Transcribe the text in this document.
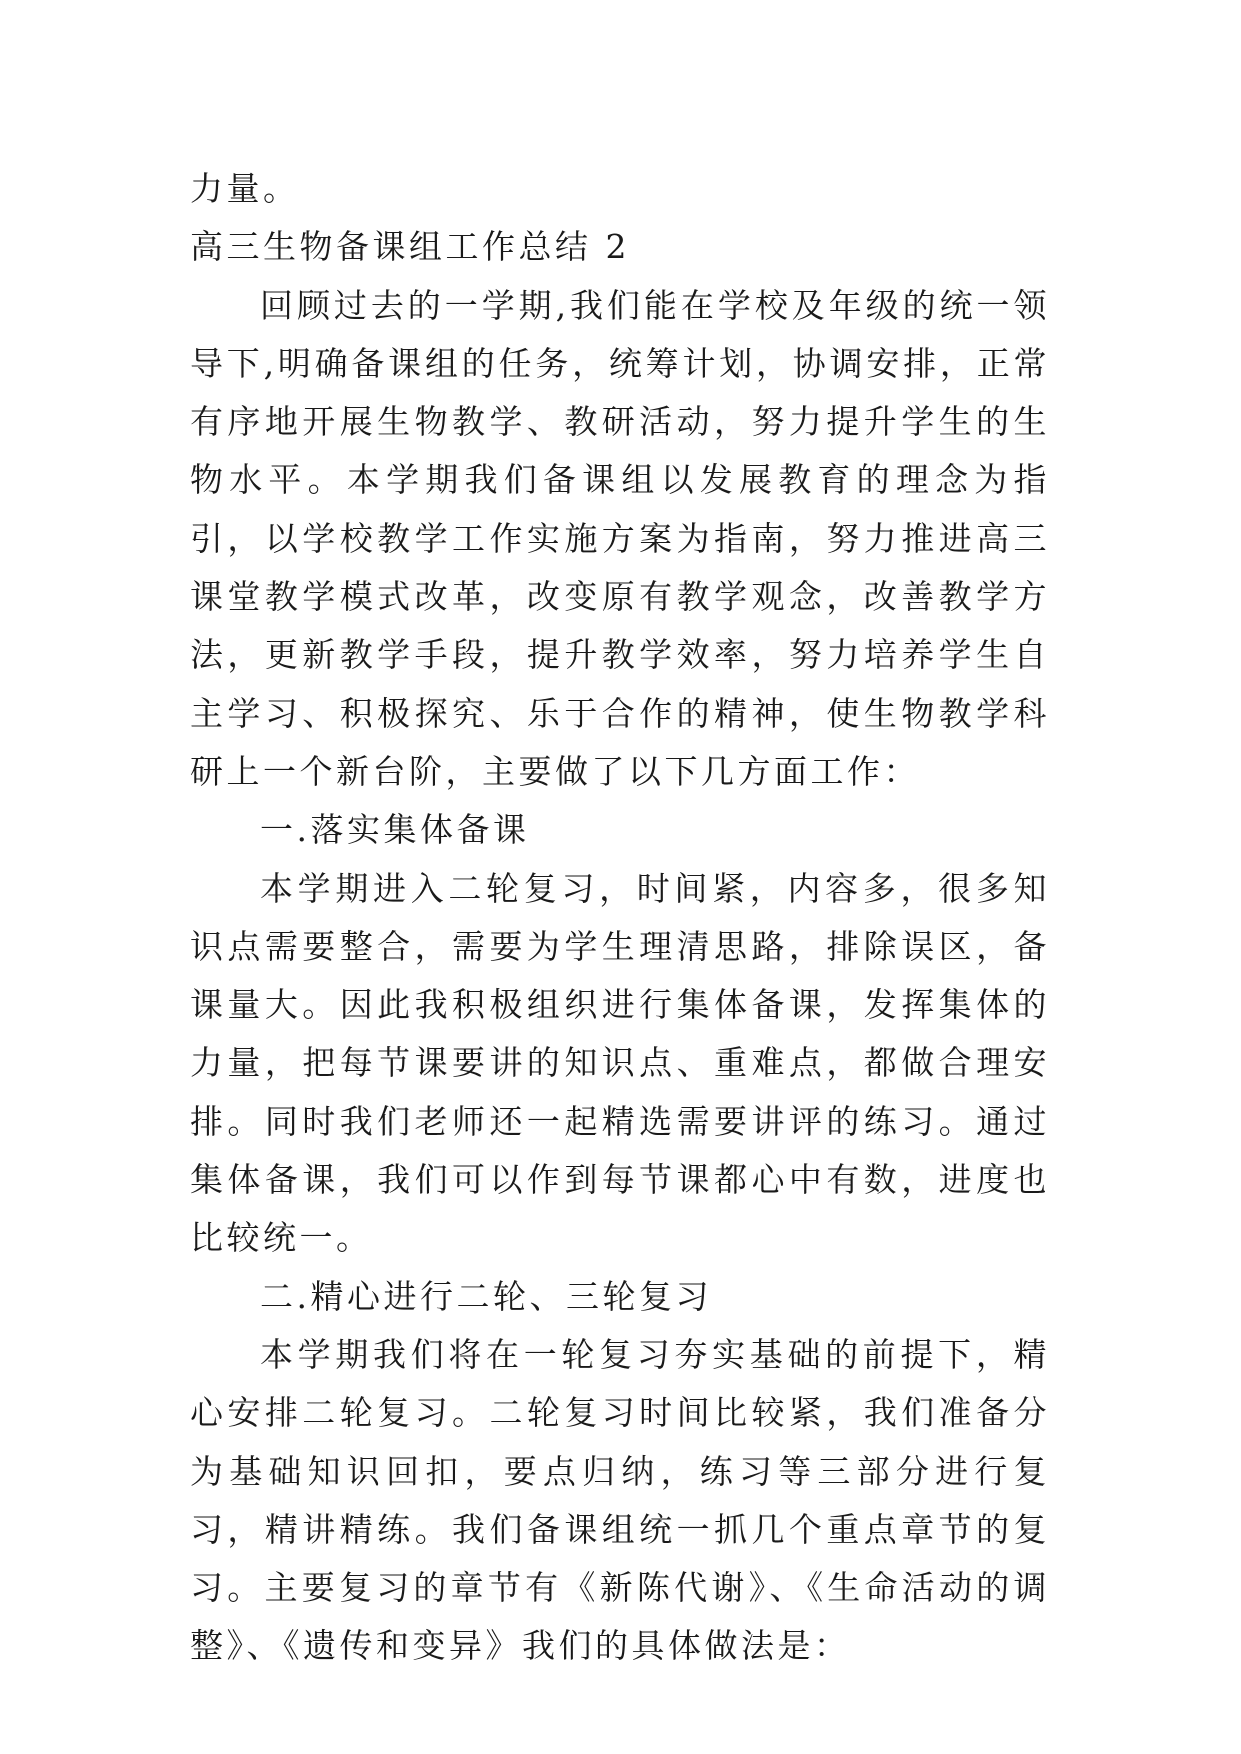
力量。

高三生物备课组工作总结 2

回顾过去的一学期,我们能在学校及年级的统一领导下,明确备课组的任务，统筹计划，协调安排，正常有序地开展生物教学、教研活动，努力提升学生的生物水平。本学期我们备课组以发展教育的理念为指引，以学校教学工作实施方案为指南，努力推进高三课堂教学模式改革，改变原有教学观念，改善教学方法，更新教学手段，提升教学效率，努力培养学生自主学习、积极探究、乐于合作的精神，使生物教学科研上一个新台阶，主要做了以下几方面工作：

一.落实集体备课

本学期进入二轮复习，时间紧，内容多，很多知识点需要整合，需要为学生理清思路，排除误区，备课量大。因此我积极组织进行集体备课，发挥集体的力量，把每节课要讲的知识点、重难点，都做合理安排。同时我们老师还一起精选需要讲评的练习。通过集体备课，我们可以作到每节课都心中有数，进度也比较统一。

二.精心进行二轮、三轮复习

本学期我们将在一轮复习夯实基础的前提下，精心安排二轮复习。二轮复习时间比较紧，我们准备分为基础知识回扣，要点归纳，练习等三部分进行复习，精讲精练。我们备课组统一抓几个重点章节的复习。主要复习的章节有《新陈代谢》、《生命活动的调整》、《遗传和变异》我们的具体做法是：
